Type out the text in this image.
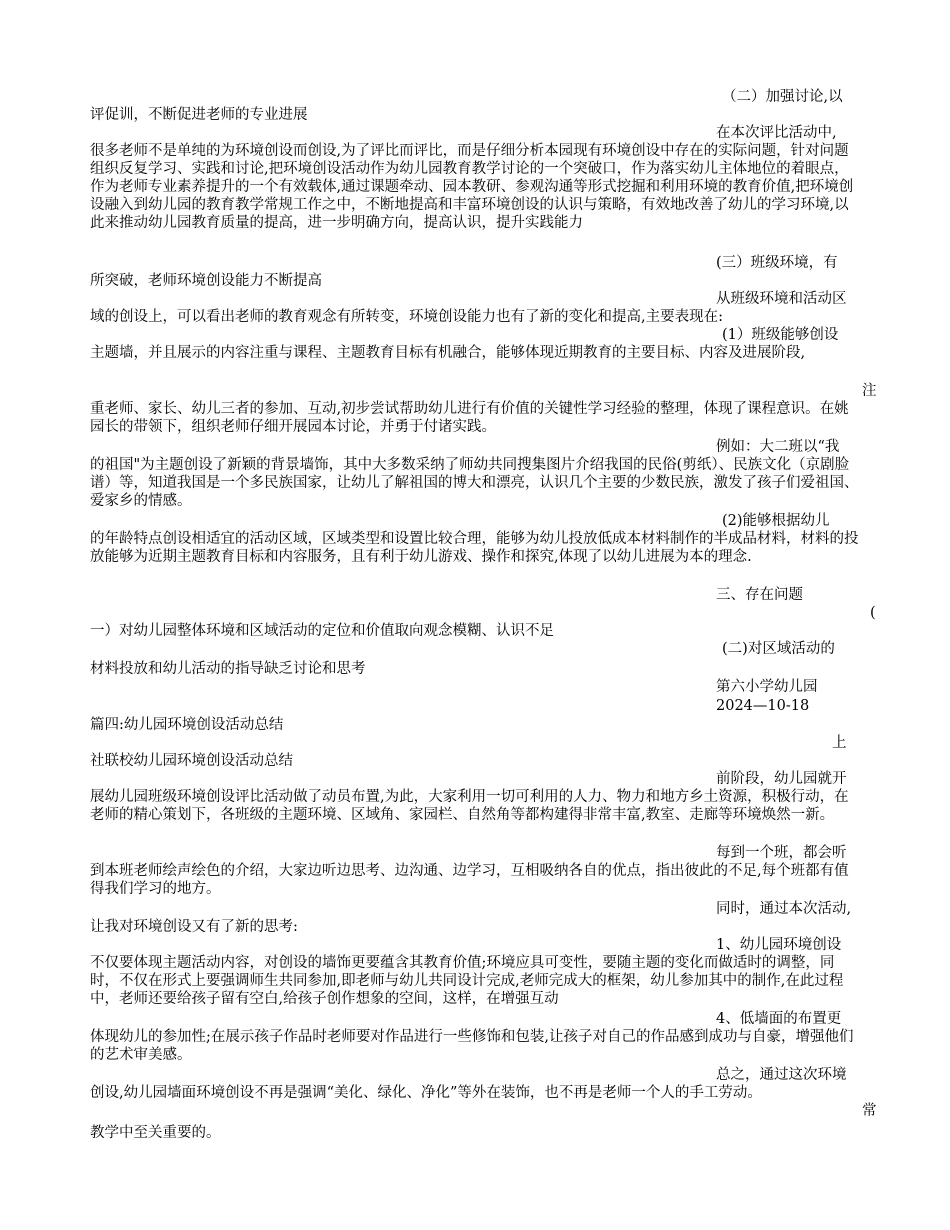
（二）加强讨论,以
评促训，不断促进老师的专业进展
在本次评比活动中,
很多老师不是单纯的为环境创设而创设,为了评比而评比，而是仔细分析本园现有环境创设中存在的实际问题，针对问题组织反复学习、实践和讨论,把环境创设活动作为幼儿园教育教学讨论的一个突破口，作为落实幼儿主体地位的着眼点，作为老师专业素养提升的一个有效载体,通过课题牵动、园本教研、参观沟通等形式挖掘和利用环境的教育价值,把环境创设融入到幼儿园的教育教学常规工作之中，不断地提高和丰富环境创设的认识与策略，有效地改善了幼儿的学习环境,以此来推动幼儿园教育质量的提高，进一步明确方向，提高认识，提升实践能力
(三）班级环境，有
所突破，老师环境创设能力不断提高
从班级环境和活动区
域的创设上，可以看出老师的教育观念有所转变，环境创设能力也有了新的变化和提高,主要表现在:
(1）班级能够创设
主题墙，并且展示的内容注重与课程、主题教育目标有机融合，能够体现近期教育的主要目标、内容及进展阶段,
注
重老师、家长、幼儿三者的参加、互动,初步尝试帮助幼儿进行有价值的关键性学习经验的整理，体现了课程意识。在姚园长的带领下，组织老师仔细开展园本讨论，并勇于付诸实践。
例如：大二班以“我
的祖国"为主题创设了新颖的背景墙饰，其中大多数采纳了师幼共同搜集图片介绍我国的民俗(剪纸）、民族文化（京剧脸谱）等，知道我国是一个多民族国家，让幼儿了解祖国的博大和漂亮，认识几个主要的少数民族，激发了孩子们爱祖国、爱家乡的情感。
(2)能够根据幼儿
的年龄特点创设相适宜的活动区域，区域类型和设置比较合理，能够为幼儿投放低成本材料制作的半成品材料，材料的投放能够为近期主题教育目标和内容服务，且有利于幼儿游戏、操作和探究,体现了以幼儿进展为本的理念.
三、存在问题
(
一）对幼儿园整体环境和区域活动的定位和价值取向观念模糊、认识不足
(二)对区域活动的
材料投放和幼儿活动的指导缺乏讨论和思考
第六小学幼儿园
2024—10-18
篇四:幼儿园环境创设活动总结
上
社联校幼儿园环境创设活动总结
前阶段，幼儿园就开
展幼儿园班级环境创设评比活动做了动员布置,为此，大家利用一切可利用的人力、物力和地方乡土资源，积极行动，在老师的精心策划下，各班级的主题环境、区域角、家园栏、自然角等都构建得非常丰富,教室、走廊等环境焕然一新。
每到一个班，都会听
到本班老师绘声绘色的介绍，大家边听边思考、边沟通、边学习，互相吸纳各自的优点，指出彼此的不足,每个班都有值得我们学习的地方。
同时，通过本次活动,
让我对环境创设又有了新的思考:
1、幼儿园环境创设
不仅要体现主题活动内容，对创设的墙饰更要蕴含其教育价值;环境应具可变性，要随主题的变化而做适时的调整，同时，不仅在形式上要强调师生共同参加,即老师与幼儿共同设计完成,老师完成大的框架，幼儿参加其中的制作,在此过程中，老师还要给孩子留有空白,给孩子创作想象的空间，这样，在增强互动
4、低墙面的布置更
体现幼儿的参加性;在展示孩子作品时老师要对作品进行一些修饰和包装,让孩子对自己的作品感到成功与自豪，增强他们的艺术审美感。
总之，通过这次环境
创设,幼儿园墙面环境创设不再是强调“美化、绿化、净化”等外在装饰，也不再是老师一个人的手工劳动。
常
教学中至关重要的。
